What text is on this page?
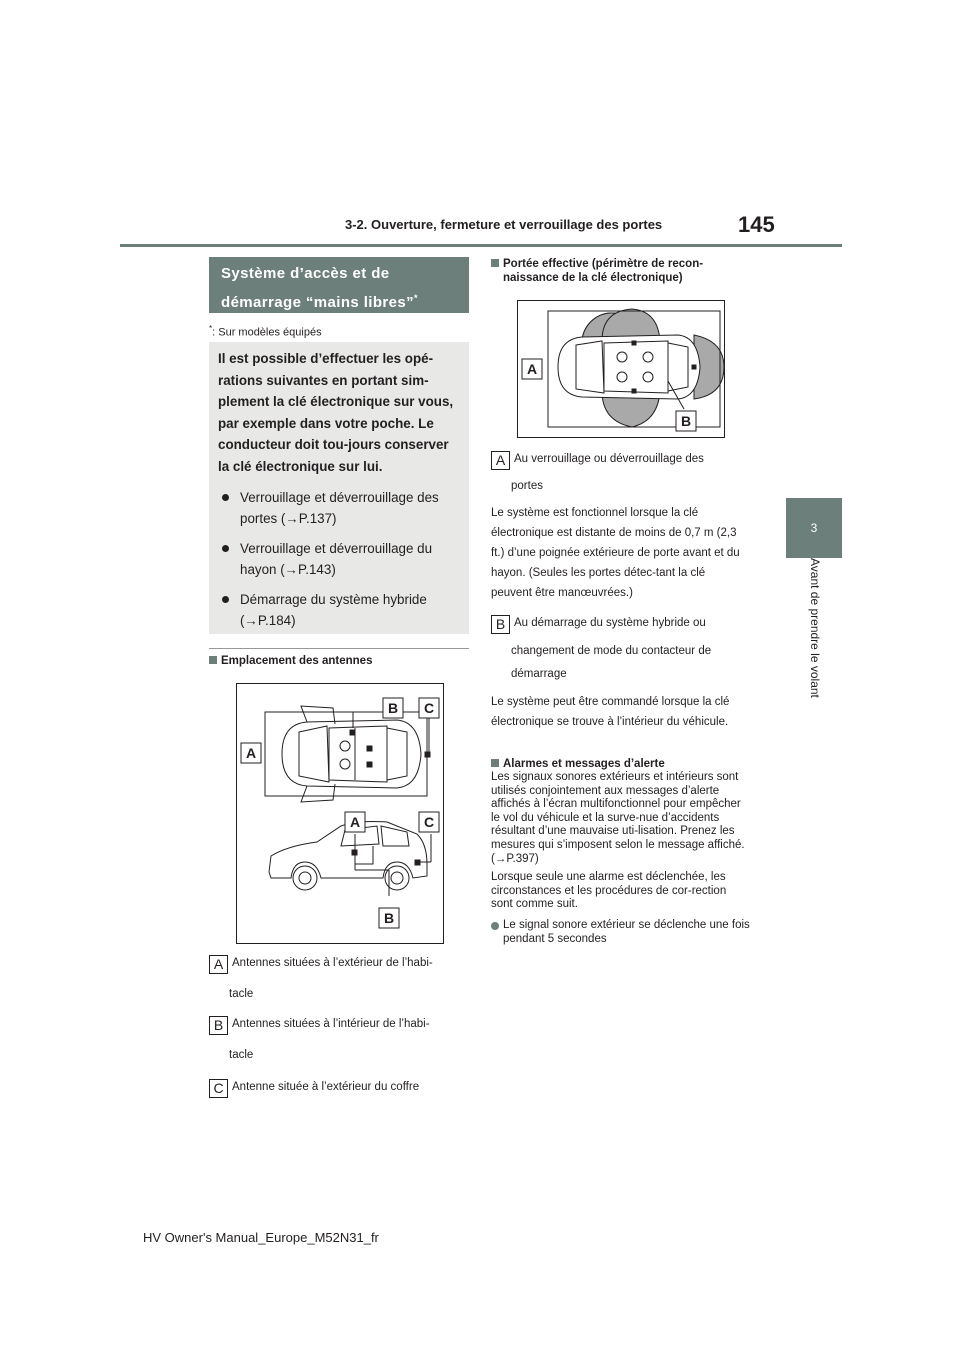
3-2. Ouverture, fermeture et verrouillage des portes	145
3
Avant de prendre le volant
Système d’accès et de
démarrage “mains libres”*
*: Sur modèles équipés
Il est possible d’effectuer les opé-rations suivantes en portant sim-plement la clé électronique sur vous, par exemple dans votre poche. Le conducteur doit tou-jours conserver la clé électronique sur lui.
Verrouillage et déverrouillage des portes (→P.137)
Verrouillage et déverrouillage du hayon (→P.143)
Démarrage du système hybride (→P.184)
Emplacement des antennes
A
B C
A	C
B
A Antennes situées à l’extérieur de l’habi-
tacle
B Antennes situées à l’intérieur de l’habi-
tacle
C Antenne située à l’extérieur du coffre
Portée effective (périmètre de recon-naissance de la clé électronique)
A
B
A Au verrouillage ou déverrouillage des
portes
Le système est fonctionnel lorsque la clé électronique est distante de moins de 0,7 m (2,3 ft.) d’une poignée extérieure de porte avant et du hayon. (Seules les portes détec-tant la clé peuvent être manœuvrées.)
B Au démarrage du système hybride ou
changement de mode du contacteur de
démarrage
Le système peut être commandé lorsque la clé électronique se trouve à l’intérieur du véhicule.
Alarmes et messages d’alerte
Les signaux sonores extérieurs et intérieurs sont utilisés conjointement aux messages d’alerte affichés à l’écran multifonctionnel pour empêcher le vol du véhicule et la surve-nue d’accidents résultant d’une mauvaise uti-lisation. Prenez les mesures qui s’imposent selon le message affiché. (→P.397)
Lorsque seule une alarme est déclenchée, les circonstances et les procédures de cor-rection sont comme suit.
Le signal sonore extérieur se déclenche une fois pendant 5 secondes
HV Owner's Manual_Europe_M52N31_fr
